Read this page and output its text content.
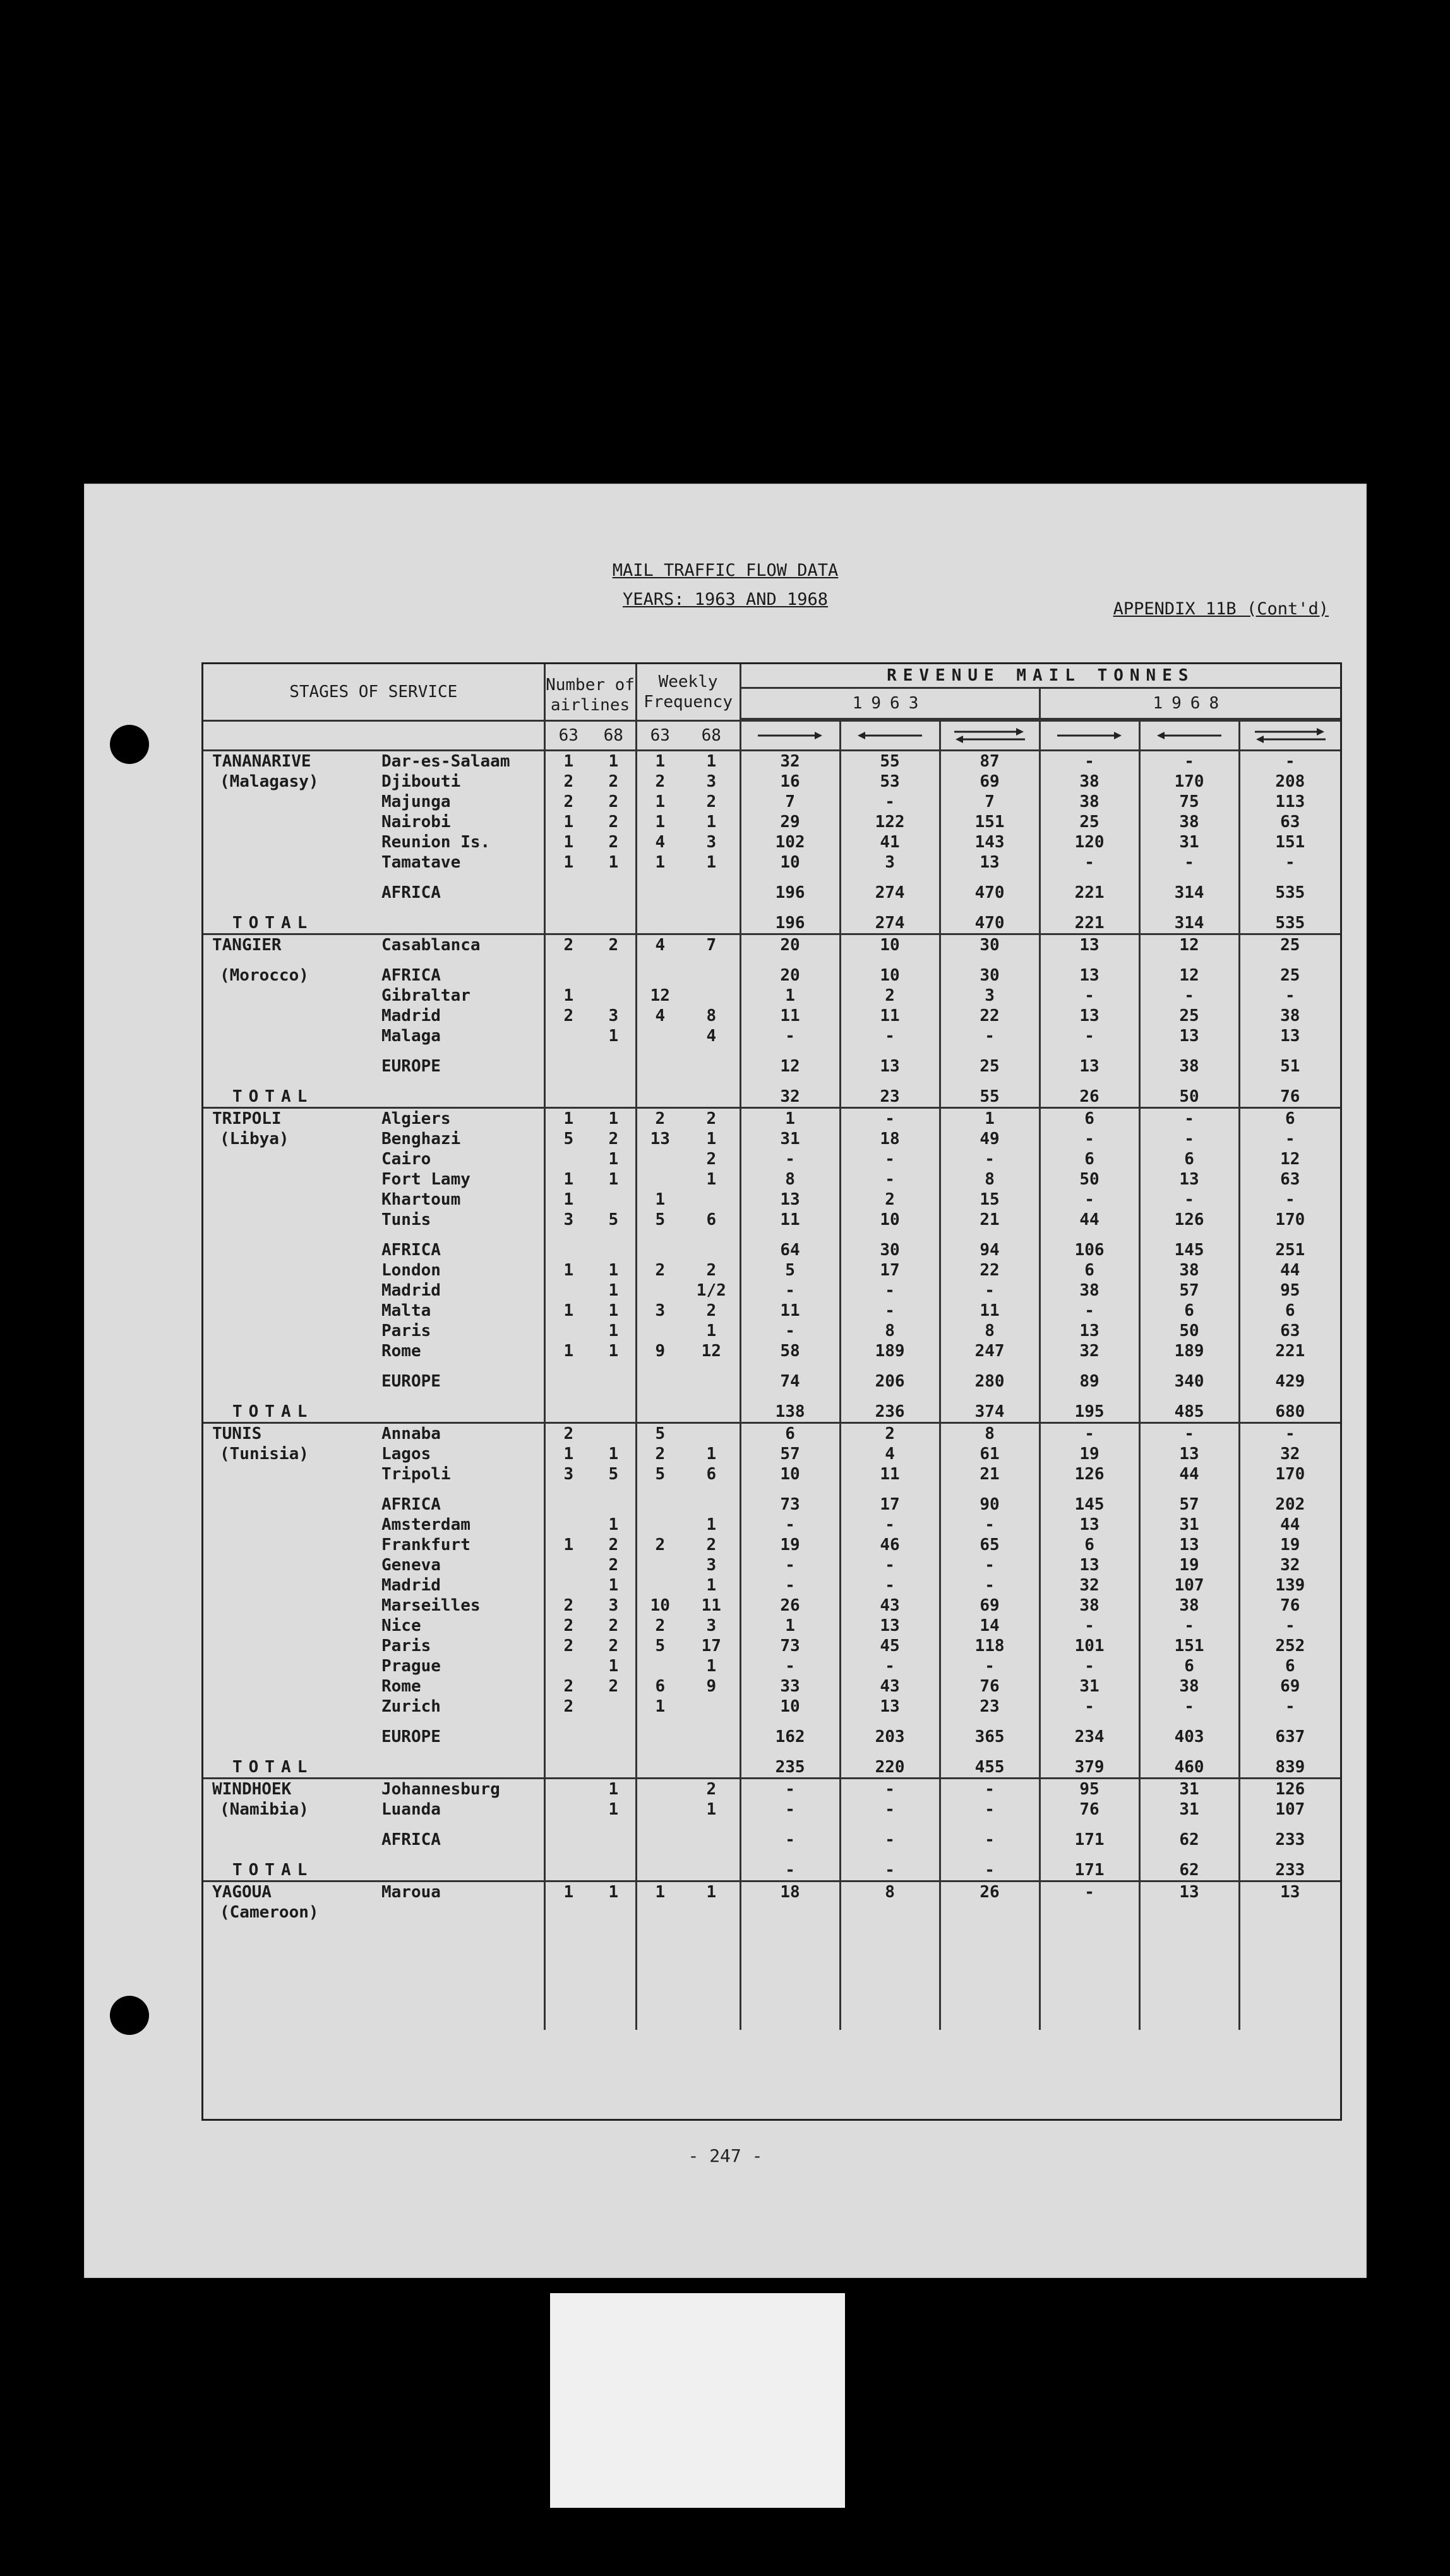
MAIL TRAFFIC FLOW DATA
YEARS: 1963 AND 1968	APPENDIX 11B (Cont'd)
STAGES OF SERVICE		Number of airlines		Weekly Frequency		REVENUE MAIL TONNES					
						1963			1968		

		63	68	63	68	

TANANARIVE	Dar-es-Salaam	1	1	1	1	32	55	87	-	-	-

(Malagasy)	Djibouti	2	2	2	3	16	53	69	38	170	208
	Majunga	2	2	1	2	7	-	7	38	75	113
	Nairobi	1	2	1	1	29	122	151	25	38	63
	Reunion Is.	1	2	4	3	102	41	143	120	31	151
	Tamatave	1	1	1	1	10	3	13	-	-	-
	AFRICA					196	274	470	221	314	535
TOTAL						196	274	470	221	314	535

TANGIER	Casablanca	2	2	4	7	20	10	30	13	12	25

(Morocco)	AFRICA					20	10	30	13	12	25
	Gibraltar	1		12		1	2	3	-	-	-
	Madrid	2	3	4	8	11	11	22	13	25	38
	Malaga		1		4	-	-	-	-	13	13
	EUROPE					12	13	25	13	38	51
TOTAL						32	23	55	26	50	76

TRIPOLI	Algiers	1	1	2	2	1	-	1	6	-	6

(Libya)	Benghazi	5	2	13	1	31	18	49	-	-	-
	Cairo		1		2	-	-	-	6	6	12
	Fort Lamy	1	1		1	8	-	8	50	13	63
	Khartoum	1		1		13	2	15	-	-	-
	Tunis	3	5	5	6	11	10	21	44	126	170
	AFRICA					64	30	94	106	145	251
	London	1	1	2	2	5	17	22	6	38	44
	Madrid		1		1/2	-	-	-	38	57	95
	Malta	1	1	3	2	11	-	11	-	6	6
	Paris		1		1	-	8	8	13	50	63
	Rome	1	1	9	12	58	189	247	32	189	221
	EUROPE					74	206	280	89	340	429
TOTAL						138	236	374	195	485	680

TUNIS	Annaba	2		5		6	2	8	-	-	-

(Tunisia)	Lagos	1	1	2	1	57	4	61	19	13	32
	Tripoli	3	5	5	6	10	11	21	126	44	170
	AFRICA					73	17	90	145	57	202
	Amsterdam		1		1	-	-	-	13	31	44
	Frankfurt	1	2	2	2	19	46	65	6	13	19
	Geneva		2		3	-	-	-	13	19	32
	Madrid		1		1	-	-	-	32	107	139
	Marseilles	2	3	10	11	26	43	69	38	38	76
	Nice	2	2	2	3	1	13	14	-	-	-
	Paris	2	2	5	17	73	45	118	101	151	252
	Prague		1		1	-	-	-	-	6	6
	Rome	2	2	6	9	33	43	76	31	38	69
	Zurich	2		1		10	13	23	-	-	-
	EUROPE					162	203	365	234	403	637
TOTAL						235	220	455	379	460	839

WINDHOEK	Johannesburg		1		2	-	-	-	95	31	126

(Namibia)	Luanda		1		1	-	-	-	76	31	107
	AFRICA					-	-	-	171	62	233
TOTAL						-	-	-	171	62	233

YAGOUA	Maroua	1	1	1	1	18	8	26	-	13	13

(Cameroon)											

- 247 -
